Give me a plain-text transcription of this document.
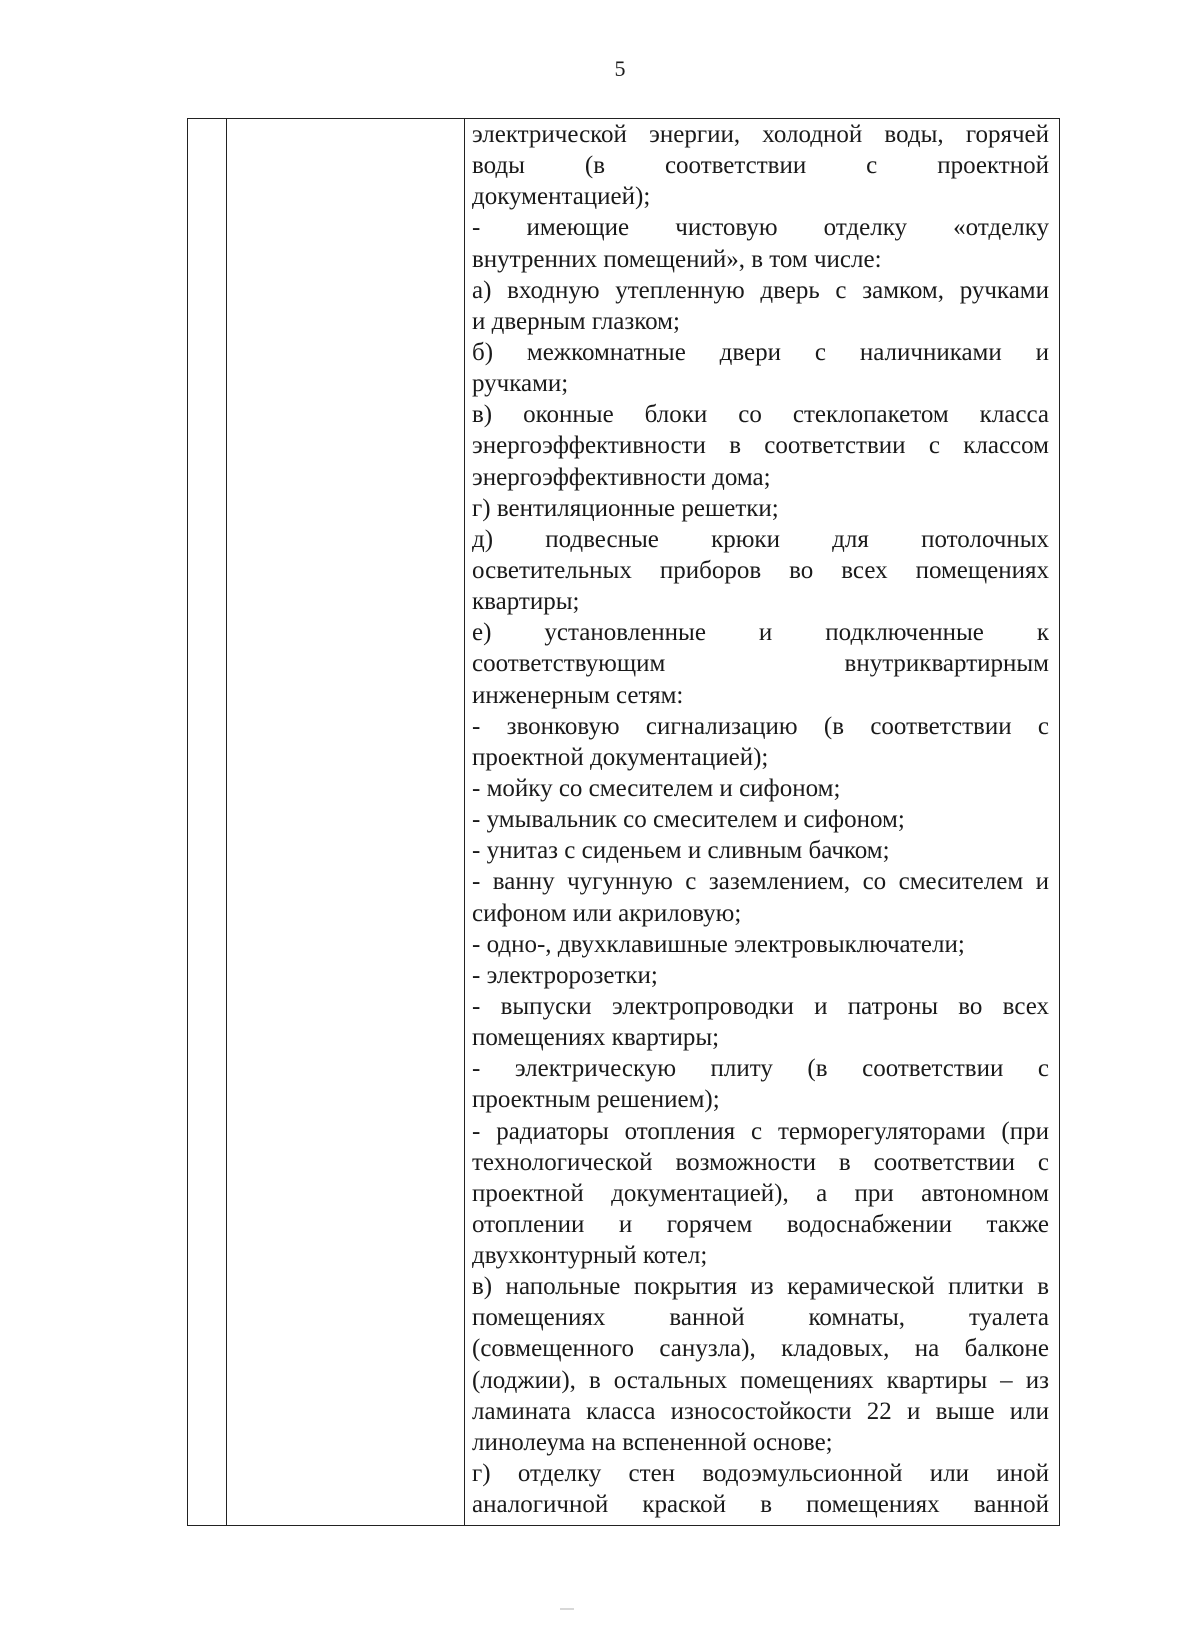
5
электрической энергии, холодной воды, горячей
воды (в соответствии с проектной
документацией);
- имеющие чистовую отделку «отделку
внутренних помещений», в том числе:
а) входную утепленную дверь с замком, ручками
и дверным глазком;
б) межкомнатные двери с наличниками и
ручками;
в) оконные блоки со стеклопакетом класса
энергоэффективности в соответствии с классом
энергоэффективности дома;
г) вентиляционные решетки;
д) подвесные крюки для потолочных
осветительных приборов во всех помещениях
квартиры;
е) установленные и подключенные к
соответствующим внутриквартирным
инженерным сетям:
- звонковую сигнализацию (в соответствии с
проектной документацией);
- мойку со смесителем и сифоном;
- умывальник со смесителем и сифоном;
- унитаз с сиденьем и сливным бачком;
- ванну чугунную с заземлением, со смесителем и
сифоном или акриловую;
- одно-, двухклавишные электровыключатели;
- электророзетки;
- выпуски электропроводки и патроны во всех
помещениях квартиры;
- электрическую плиту (в соответствии с
проектным решением);
- радиаторы отопления с терморегуляторами (при
технологической возможности в соответствии с
проектной документацией), а при автономном
отоплении и горячем водоснабжении также
двухконтурный котел;
в) напольные покрытия из керамической плитки в
помещениях ванной комнаты, туалета
(совмещенного санузла), кладовых, на балконе
(лоджии), в остальных помещениях квартиры – из
ламината класса износостойкости 22 и выше или
линолеума на вспененной основе;
г) отделку стен водоэмульсионной или иной
аналогичной краской в помещениях ванной
